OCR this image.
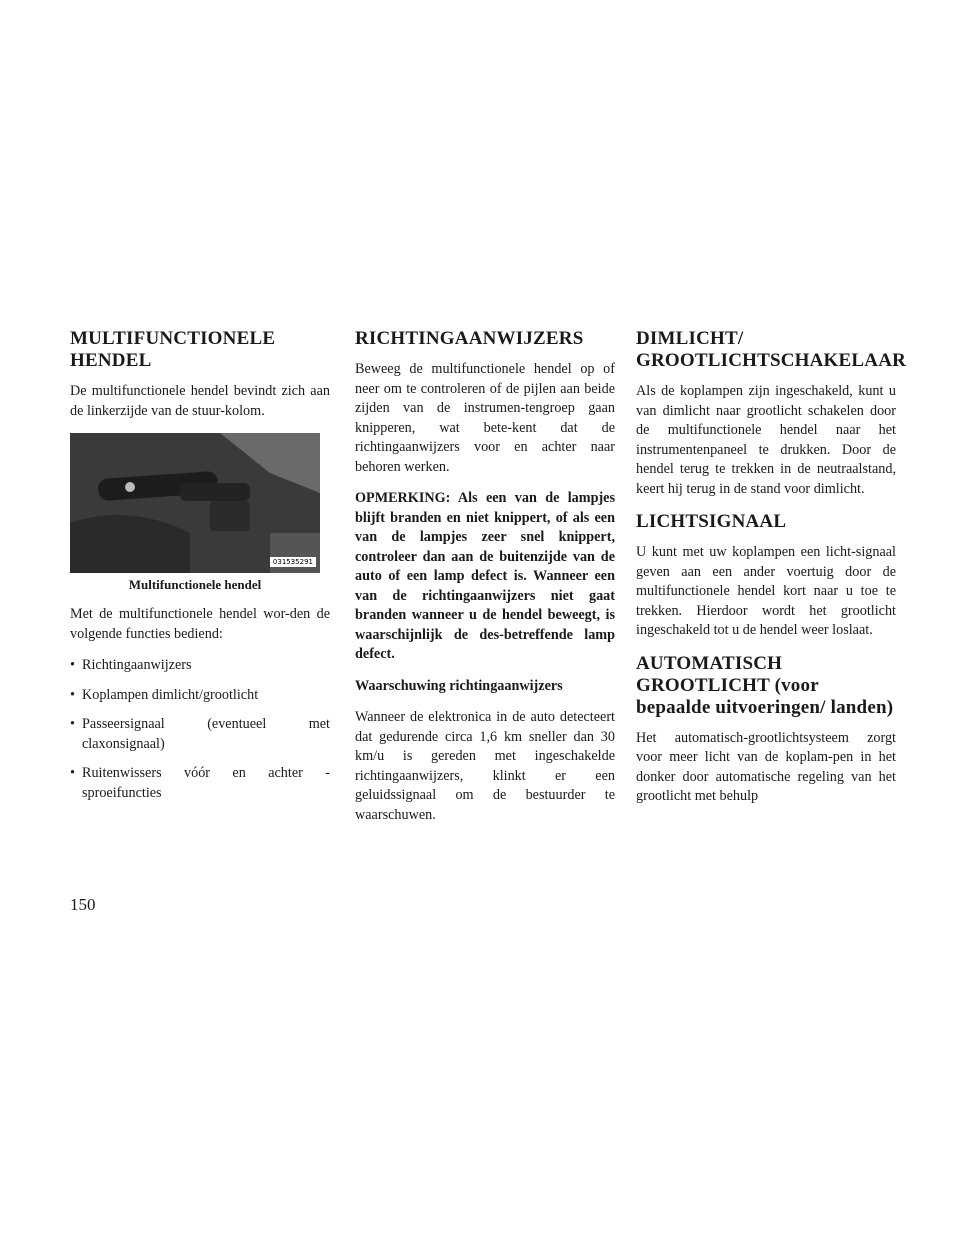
MULTIFUNCTIONELE HENDEL

De multifunctionele hendel bevindt zich aan de linkerzijde van de stuur-kolom.

031535291
Multifunctionele hendel

Met de multifunctionele hendel wor-den de volgende functies bediend:

• Richtingaanwijzers
• Koplampen dimlicht/grootlicht
• Passeersignaal (eventueel met claxonsignaal)
• Ruitenwissers vóór en achter - sproeifuncties
RICHTINGAANWIJZERS

Beweeg de multifunctionele hendel op of neer om te controleren of de pijlen aan beide zijden van de instrumen-tengroep gaan knipperen, wat bete-kent dat de richtingaanwijzers voor en achter naar behoren werken.

OPMERKING: Als een van de lampjes blijft branden en niet knippert, of als een van de lampjes zeer snel knippert, controleer dan aan de buitenzijde van de auto of een lamp defect is. Wanneer een van de richtingaanwijzers niet gaat branden wanneer u de hendel beweegt, is waarschijnlijk de des-betreffende lamp defect.

Waarschuwing richtingaanwijzers

Wanneer de elektronica in de auto detecteert dat gedurende circa 1,6 km sneller dan 30 km/u is gereden met ingeschakelde richtingaanwijzers, klinkt er een geluidssignaal om de bestuurder te waarschuwen.

DIMLICHT/ GROOTLICHTSCHAKELAAR

Als de koplampen zijn ingeschakeld, kunt u van dimlicht naar grootlicht schakelen door de multifunctionele hendel naar het instrumentenpaneel te drukken. Door de hendel terug te trekken in de neutraalstand, keert hij terug in de stand voor dimlicht.

LICHTSIGNAAL

U kunt met uw koplampen een licht-signaal geven aan een ander voertuig door de multifunctionele hendel kort naar u toe te trekken. Hierdoor wordt het grootlicht ingeschakeld tot u de hendel weer loslaat.

AUTOMATISCH GROOTLICHT (voor bepaalde uitvoeringen/ landen)

Het automatisch-grootlichtsysteem zorgt voor meer licht van de koplam-pen in het donker door automatische regeling van het grootlicht met behulp

150
